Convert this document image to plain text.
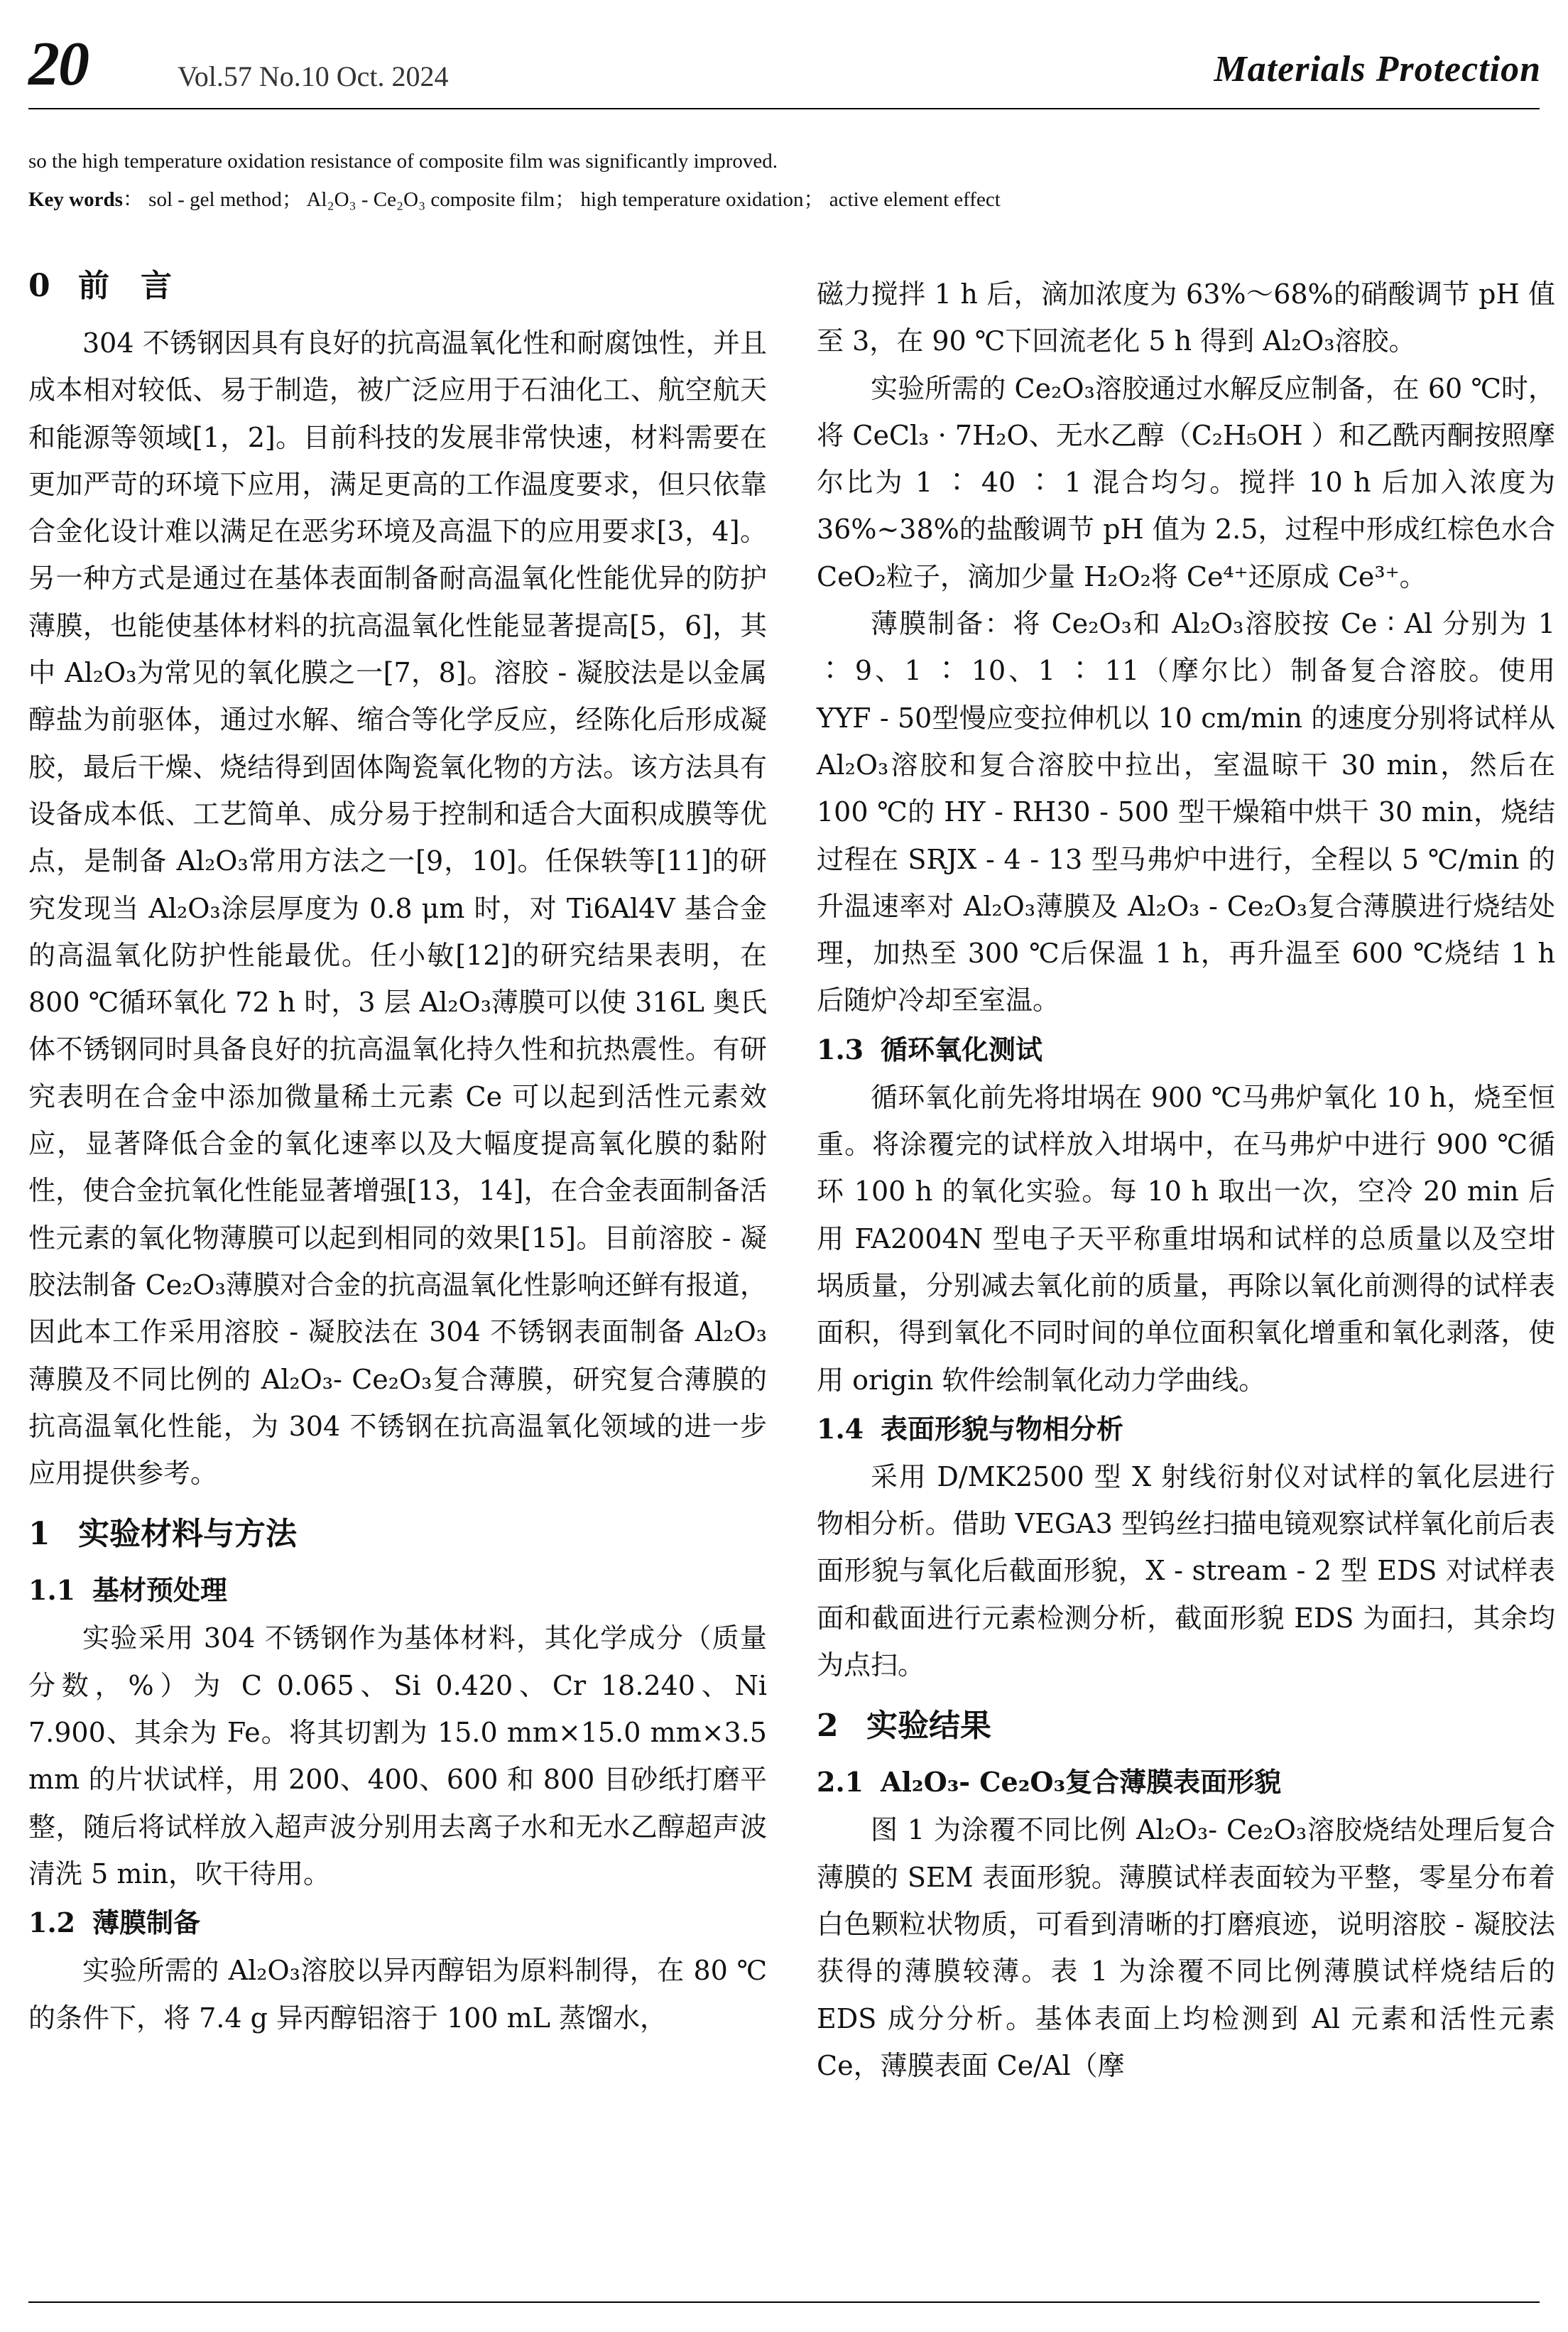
20	Vol.57 No.10 Oct. 2024	Materials Protection
so the high temperature oxidation resistance of composite film was significantly improved.
Key words： sol - gel method； Al₂O₃ - Ce₂O₃ composite film； high temperature oxidation； active element effect
0 前　言

304 不锈钢因具有良好的抗高温氧化性和耐腐蚀性，并且成本相对较低、易于制造，被广泛应用于石油化工、航空航天和能源等领域[1，2]。目前科技的发展非常快速，材料需要在更加严苛的环境下应用，满足更高的工作温度要求，但只依靠合金化设计难以满足在恶劣环境及高温下的应用要求[3，4]。另一种方式是通过在基体表面制备耐高温氧化性能优异的防护薄膜，也能使基体材料的抗高温氧化性能显著提高[5，6]，其中 Al₂O₃为常见的氧化膜之一[7，8]。溶胶 - 凝胶法是以金属醇盐为前驱体，通过水解、缩合等化学反应，经陈化后形成凝胶，最后干燥、烧结得到固体陶瓷氧化物的方法。该方法具有设备成本低、工艺简单、成分易于控制和适合大面积成膜等优点，是制备 Al₂O₃常用方法之一[9，10]。任保轶等[11]的研究发现当 Al₂O₃涂层厚度为 0.8 μm 时，对 Ti6Al4V 基合金的高温氧化防护性能最优。任小敏[12]的研究结果表明，在 800 ℃循环氧化 72 h 时，3 层 Al₂O₃薄膜可以使 316L 奥氏体不锈钢同时具备良好的抗高温氧化持久性和抗热震性。有研究表明在合金中添加微量稀土元素 Ce 可以起到活性元素效应，显著降低合金的氧化速率以及大幅度提高氧化膜的黏附性，使合金抗氧化性能显著增强[13，14]，在合金表面制备活性元素的氧化物薄膜可以起到相同的效果[15]。目前溶胶 - 凝胶法制备 Ce₂O₃薄膜对合金的抗高温氧化性影响还鲜有报道，因此本工作采用溶胶 - 凝胶法在 304 不锈钢表面制备 Al₂O₃薄膜及不同比例的 Al₂O₃- Ce₂O₃复合薄膜，研究复合薄膜的抗高温氧化性能，为 304 不锈钢在抗高温氧化领域的进一步应用提供参考。

1 实验材料与方法
1.1 基材预处理

实验采用 304 不锈钢作为基体材料，其化学成分（质量分数，%）为 C 0.065、Si 0.420、Cr 18.240、Ni 7.900、其余为 Fe。将其切割为 15.0 mm×15.0 mm×3.5 mm 的片状试样，用 200、400、600 和 800 目砂纸打磨平整，随后将试样放入超声波分别用去离子水和无水乙醇超声波清洗 5 min，吹干待用。

1.2 薄膜制备

实验所需的 Al₂O₃溶胶以异丙醇铝为原料制得，在 80 ℃的条件下，将 7.4 g 异丙醇铝溶于 100 mL 蒸馏水，

磁力搅拌 1 h 后，滴加浓度为 63%～68%的硝酸调节 pH 值至 3，在 90 ℃下回流老化 5 h 得到 Al₂O₃溶胶。

实验所需的 Ce₂O₃溶胶通过水解反应制备，在 60 ℃时，将 CeCl₃ · 7H₂O、无水乙醇（C₂H₅OH ）和乙酰丙酮按照摩尔比为 1 ∶ 40 ∶ 1 混合均匀。搅拌 10 h 后加入浓度为 36%~38%的盐酸调节 pH 值为 2.5，过程中形成红棕色水合 CeO₂粒子，滴加少量 H₂O₂将 Ce⁴⁺还原成 Ce³⁺。

薄膜制备：将 Ce₂O₃和 Al₂O₃溶胶按 Ce ∶ Al 分别为 1 ∶ 9、1 ∶ 10、1 ∶ 11（摩尔比）制备复合溶胶。使用 YYF - 50型慢应变拉伸机以 10 cm/min 的速度分别将试样从 Al₂O₃溶胶和复合溶胶中拉出，室温晾干 30 min，然后在 100 ℃的 HY - RH30 - 500 型干燥箱中烘干 30 min，烧结过程在 SRJX - 4 - 13 型马弗炉中进行，全程以 5 ℃/min 的升温速率对 Al₂O₃薄膜及 Al₂O₃ - Ce₂O₃复合薄膜进行烧结处理，加热至 300 ℃后保温 1 h，再升温至 600 ℃烧结 1 h 后随炉冷却至室温。

1.3 循环氧化测试

循环氧化前先将坩埚在 900 ℃马弗炉氧化 10 h，烧至恒重。将涂覆完的试样放入坩埚中，在马弗炉中进行 900 ℃循环 100 h 的氧化实验。每 10 h 取出一次，空冷 20 min 后用 FA2004N 型电子天平称重坩埚和试样的总质量以及空坩埚质量，分别减去氧化前的质量，再除以氧化前测得的试样表面积，得到氧化不同时间的单位面积氧化增重和氧化剥落，使用 origin 软件绘制氧化动力学曲线。

1.4 表面形貌与物相分析

采用 D/MK2500 型 X 射线衍射仪对试样的氧化层进行物相分析。借助 VEGA3 型钨丝扫描电镜观察试样氧化前后表面形貌与氧化后截面形貌，X - stream - 2 型 EDS 对试样表面和截面进行元素检测分析，截面形貌 EDS 为面扫，其余均为点扫。

2 实验结果
2.1 Al₂O₃- Ce₂O₃复合薄膜表面形貌

图 1 为涂覆不同比例 Al₂O₃- Ce₂O₃溶胶烧结处理后复合薄膜的 SEM 表面形貌。薄膜试样表面较为平整，零星分布着白色颗粒状物质，可看到清晰的打磨痕迹，说明溶胶 - 凝胶法获得的薄膜较薄。表 1 为涂覆不同比例薄膜试样烧结后的 EDS 成分分析。基体表面上均检测到 Al 元素和活性元素 Ce，薄膜表面 Ce/Al（摩
